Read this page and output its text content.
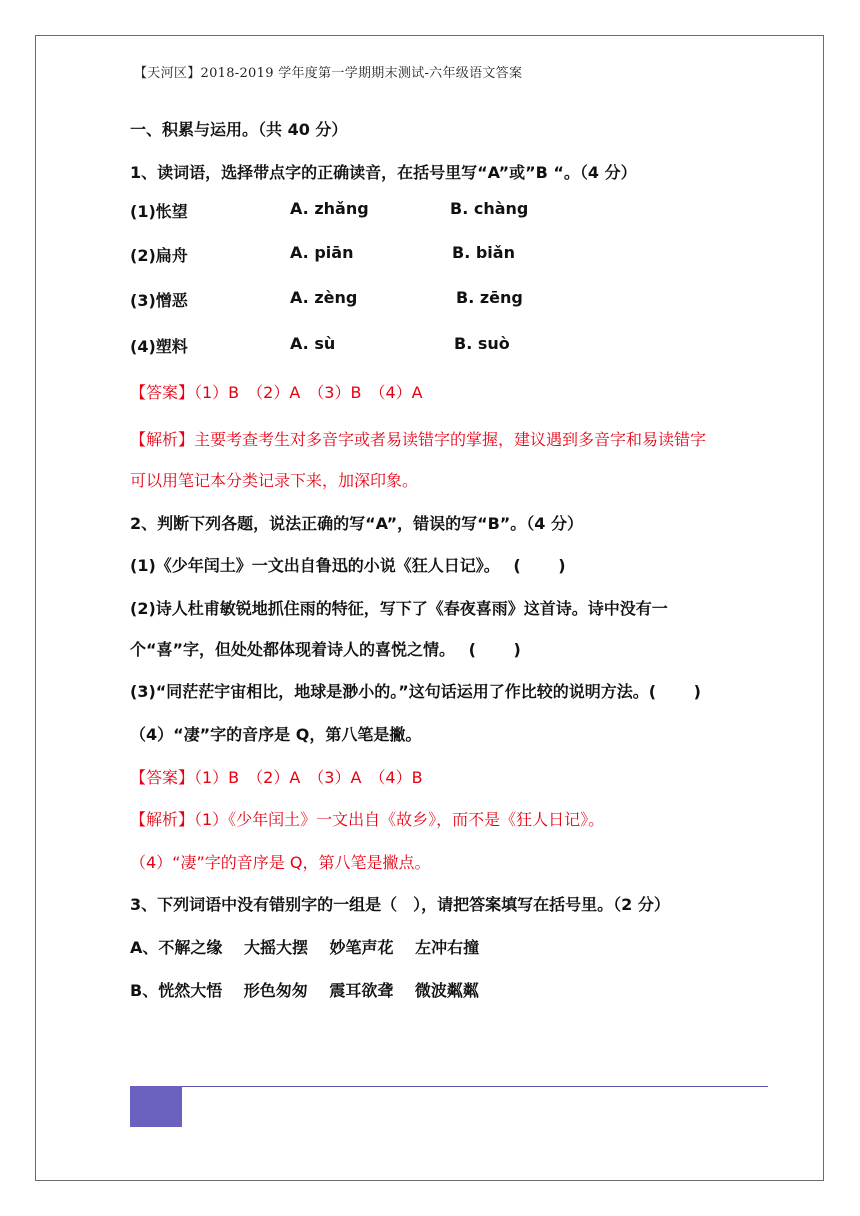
【天河区】2018-2019 学年度第一学期期末测试-六年级语文答案
一、积累与运用。（共 40 分）
1、读词语，选择带点字的正确读音，在括号里写“A”或”B “。（4 分）
(1)怅望	A. zhǎng	B. chàng
(2)扁舟	A. piān	B. biǎn
(3)憎恶	A. zèng	B. zēng
(4)塑料	A. sù	B. suò
【答案】（1）B　（2）A　（3）B　（4）A
【解析】主要考查考生对多音字或者易读错字的掌握，建议遇到多音字和易读错字
可以用笔记本分类记录下来，加深印象。
2、判断下列各题，说法正确的写“A”，错误的写“B”。（4 分）
(1)《少年闰土》一文出自鲁迅的小说《狂人日记》。　 (　　 )
(2)诗人杜甫敏锐地抓住雨的特征，写下了《春夜喜雨》这首诗。诗中没有一
个“喜”字，但处处都体现着诗人的喜悦之情。　 (　　 )
(3)“同茫茫宇宙相比，地球是渺小的。”这句话运用了作比较的说明方法。(　　 )
（4）“凄”字的音序是 Q，第八笔是撇。
【答案】（1）B　（2）A　（3）A　（4）B
【解析】（1）《少年闰土》一文出自《故乡》，而不是《狂人日记》。
（4）“凄”字的音序是 Q，第八笔是撇点。
3、下列词语中没有错别字的一组是（　），请把答案填写在括号里。（2 分）
A、不解之缘　 大摇大摆　 妙笔声花　 左冲右撞
B、恍然大悟　 形色匆匆　 震耳欲聋　 微波粼粼
